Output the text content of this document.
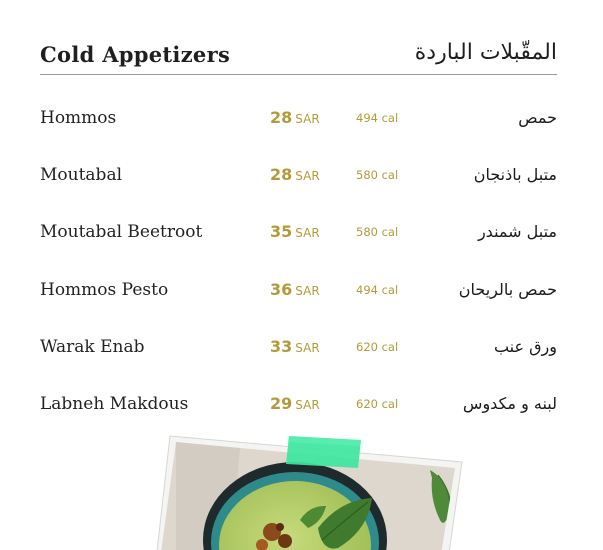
Cold Appetizers	المقّبلات الباردة
Hommos	28 SAR	494 cal	حمص
Moutabal	28 SAR	580 cal	متبل باذنجان
Moutabal Beetroot	35 SAR	580 cal	متبل شمندر
Hommos Pesto	36 SAR	494 cal	حمص بالريحان
Warak Enab	33 SAR	620 cal	ورق عنب
Labneh Makdous	29 SAR	620 cal	لبنه و مكدوس
